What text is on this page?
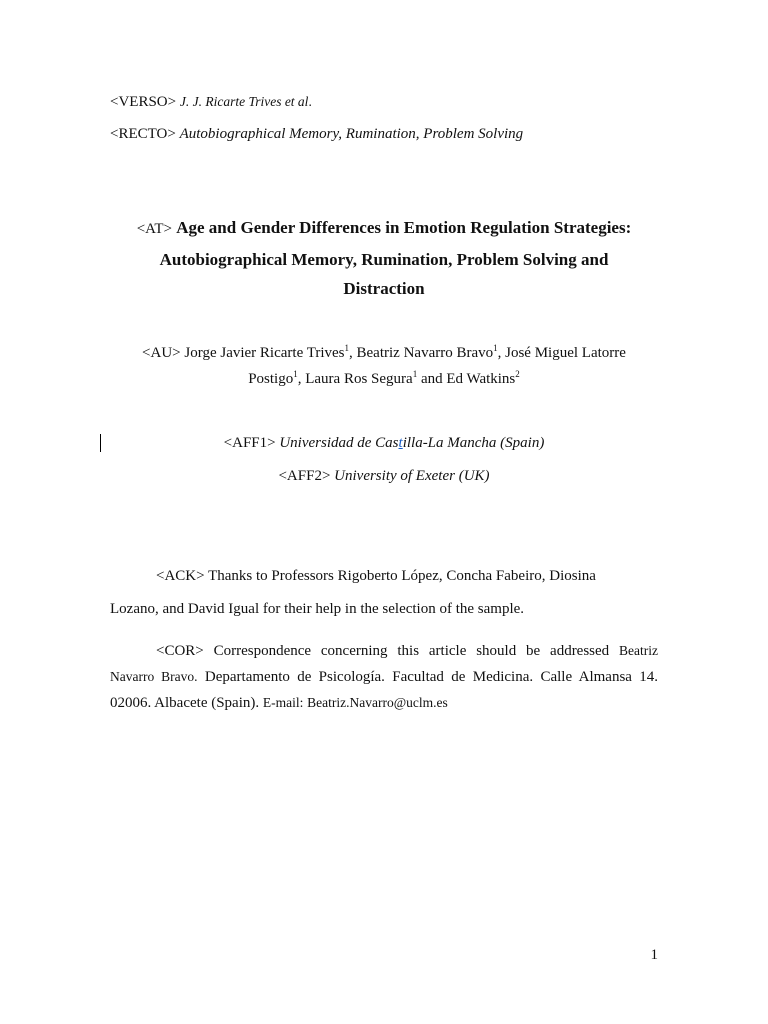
<VERSO> J. J. Ricarte Trives et al.
<RECTO> Autobiographical Memory, Rumination, Problem Solving
<AT> Age and Gender Differences in Emotion Regulation Strategies:
Autobiographical Memory, Rumination, Problem Solving and
Distraction
<AU> Jorge Javier Ricarte Trives$^1$, Beatriz Navarro Bravo$^1$, José Miguel Latorre
Postigo$^1$, Laura Ros Segura$^1$ and Ed Watkins$^2$
<AFF1> Universidad de Castilla-La Mancha (Spain)
<AFF2> University of Exeter (UK)
<ACK> Thanks to Professors Rigoberto López, Concha Fabeiro, Diosina
Lozano, and David Igual for their help in the selection of the sample.
<COR> Correspondence concerning this article should be addressed Beatriz
Navarro Bravo. Departamento de Psicología. Facultad de Medicina. Calle Almansa 14.
02006. Albacete (Spain). E-mail: Beatriz.Navarro@uclm.es
1
